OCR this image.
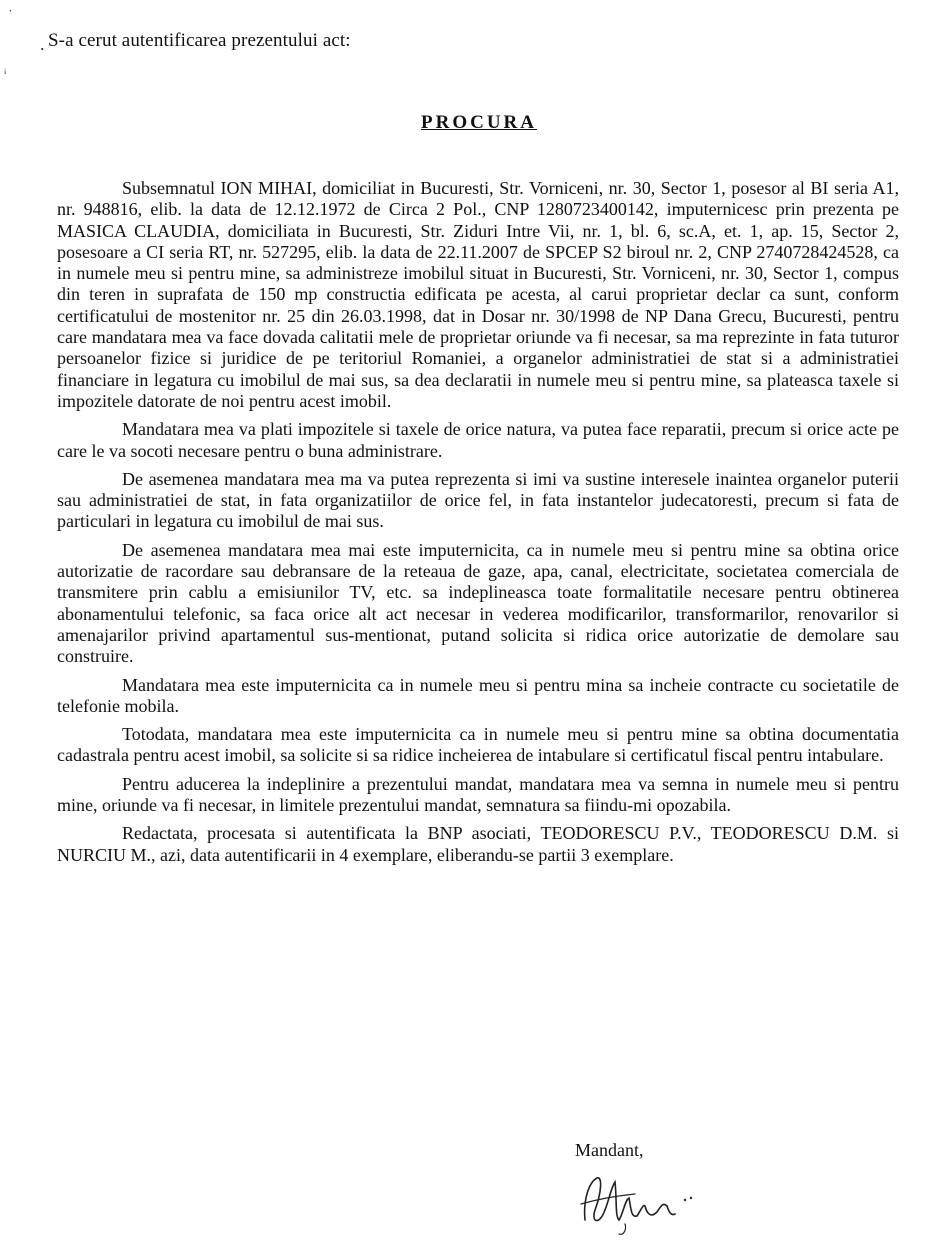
˙
ᵢ
. S-a cerut autentificarea prezentului act:
PROCURA

Subsemnatul ION MIHAI, domiciliat in Bucuresti, Str. Vorniceni, nr. 30, Sector 1, posesor al BI seria A1, nr. 948816, elib. la data de 12.12.1972 de Circa 2 Pol., CNP 1280723400142, imputernicesc prin prezenta pe MASICA CLAUDIA, domiciliata in Bucuresti, Str. Ziduri Intre Vii, nr. 1, bl. 6, sc.A, et. 1, ap. 15, Sector 2, posesoare a CI seria RT, nr. 527295, elib. la data de 22.11.2007 de SPCEP S2 biroul nr. 2, CNP 2740728424528, ca in numele meu si pentru mine, sa administreze imobilul situat in Bucuresti, Str. Vorniceni, nr. 30, Sector 1, compus din teren in suprafata de 150 mp constructia edificata pe acesta, al carui proprietar declar ca sunt, conform certificatului de mostenitor nr. 25 din 26.03.1998, dat in Dosar nr. 30/1998 de NP Dana Grecu, Bucuresti, pentru care mandatara mea va face dovada calitatii mele de proprietar oriunde va fi necesar, sa ma reprezinte in fata tuturor persoanelor fizice si juridice de pe teritoriul Romaniei, a organelor administratiei de stat si a administratiei financiare in legatura cu imobilul de mai sus, sa dea declaratii in numele meu si pentru mine, sa plateasca taxele si impozitele datorate de noi pentru acest imobil.

Mandatara mea va plati impozitele si taxele de orice natura, va putea face reparatii, precum si orice acte pe care le va socoti necesare pentru o buna administrare.

De asemenea mandatara mea ma va putea reprezenta si imi va sustine interesele inaintea organelor puterii sau administratiei de stat, in fata organizatiilor de orice fel, in fata instantelor judecatoresti, precum si fata de particulari in legatura cu imobilul de mai sus.

De asemenea mandatara mea mai este imputernicita, ca in numele meu si pentru mine sa obtina orice autorizatie de racordare sau debransare de la reteaua de gaze, apa, canal, electricitate, societatea comerciala de transmitere prin cablu a emisiunilor TV, etc. sa indeplineasca toate formalitatile necesare pentru obtinerea abonamentului telefonic, sa faca orice alt act necesar in vederea modificarilor, transformarilor, renovarilor si amenajarilor privind apartamentul sus-mentionat, putand solicita si ridica orice autorizatie de demolare sau construire.

Mandatara mea este imputernicita ca in numele meu si pentru mina sa incheie contracte cu societatile de telefonie mobila.

Totodata, mandatara mea este imputernicita ca in numele meu si pentru mine sa obtina documentatia cadastrala pentru acest imobil, sa solicite si sa ridice incheierea de intabulare si certificatul fiscal pentru intabulare.

Pentru aducerea la indeplinire a prezentului mandat, mandatara mea va semna in numele meu si pentru mine, oriunde va fi necesar, in limitele prezentului mandat, semnatura sa fiindu-mi opozabila.

Redactata, procesata si autentificata la BNP asociati, TEODORESCU P.V., TEODORESCU D.M. si NURCIU M., azi, data autentificarii in 4 exemplare, eliberandu-se partii 3 exemplare.

Mandant,
